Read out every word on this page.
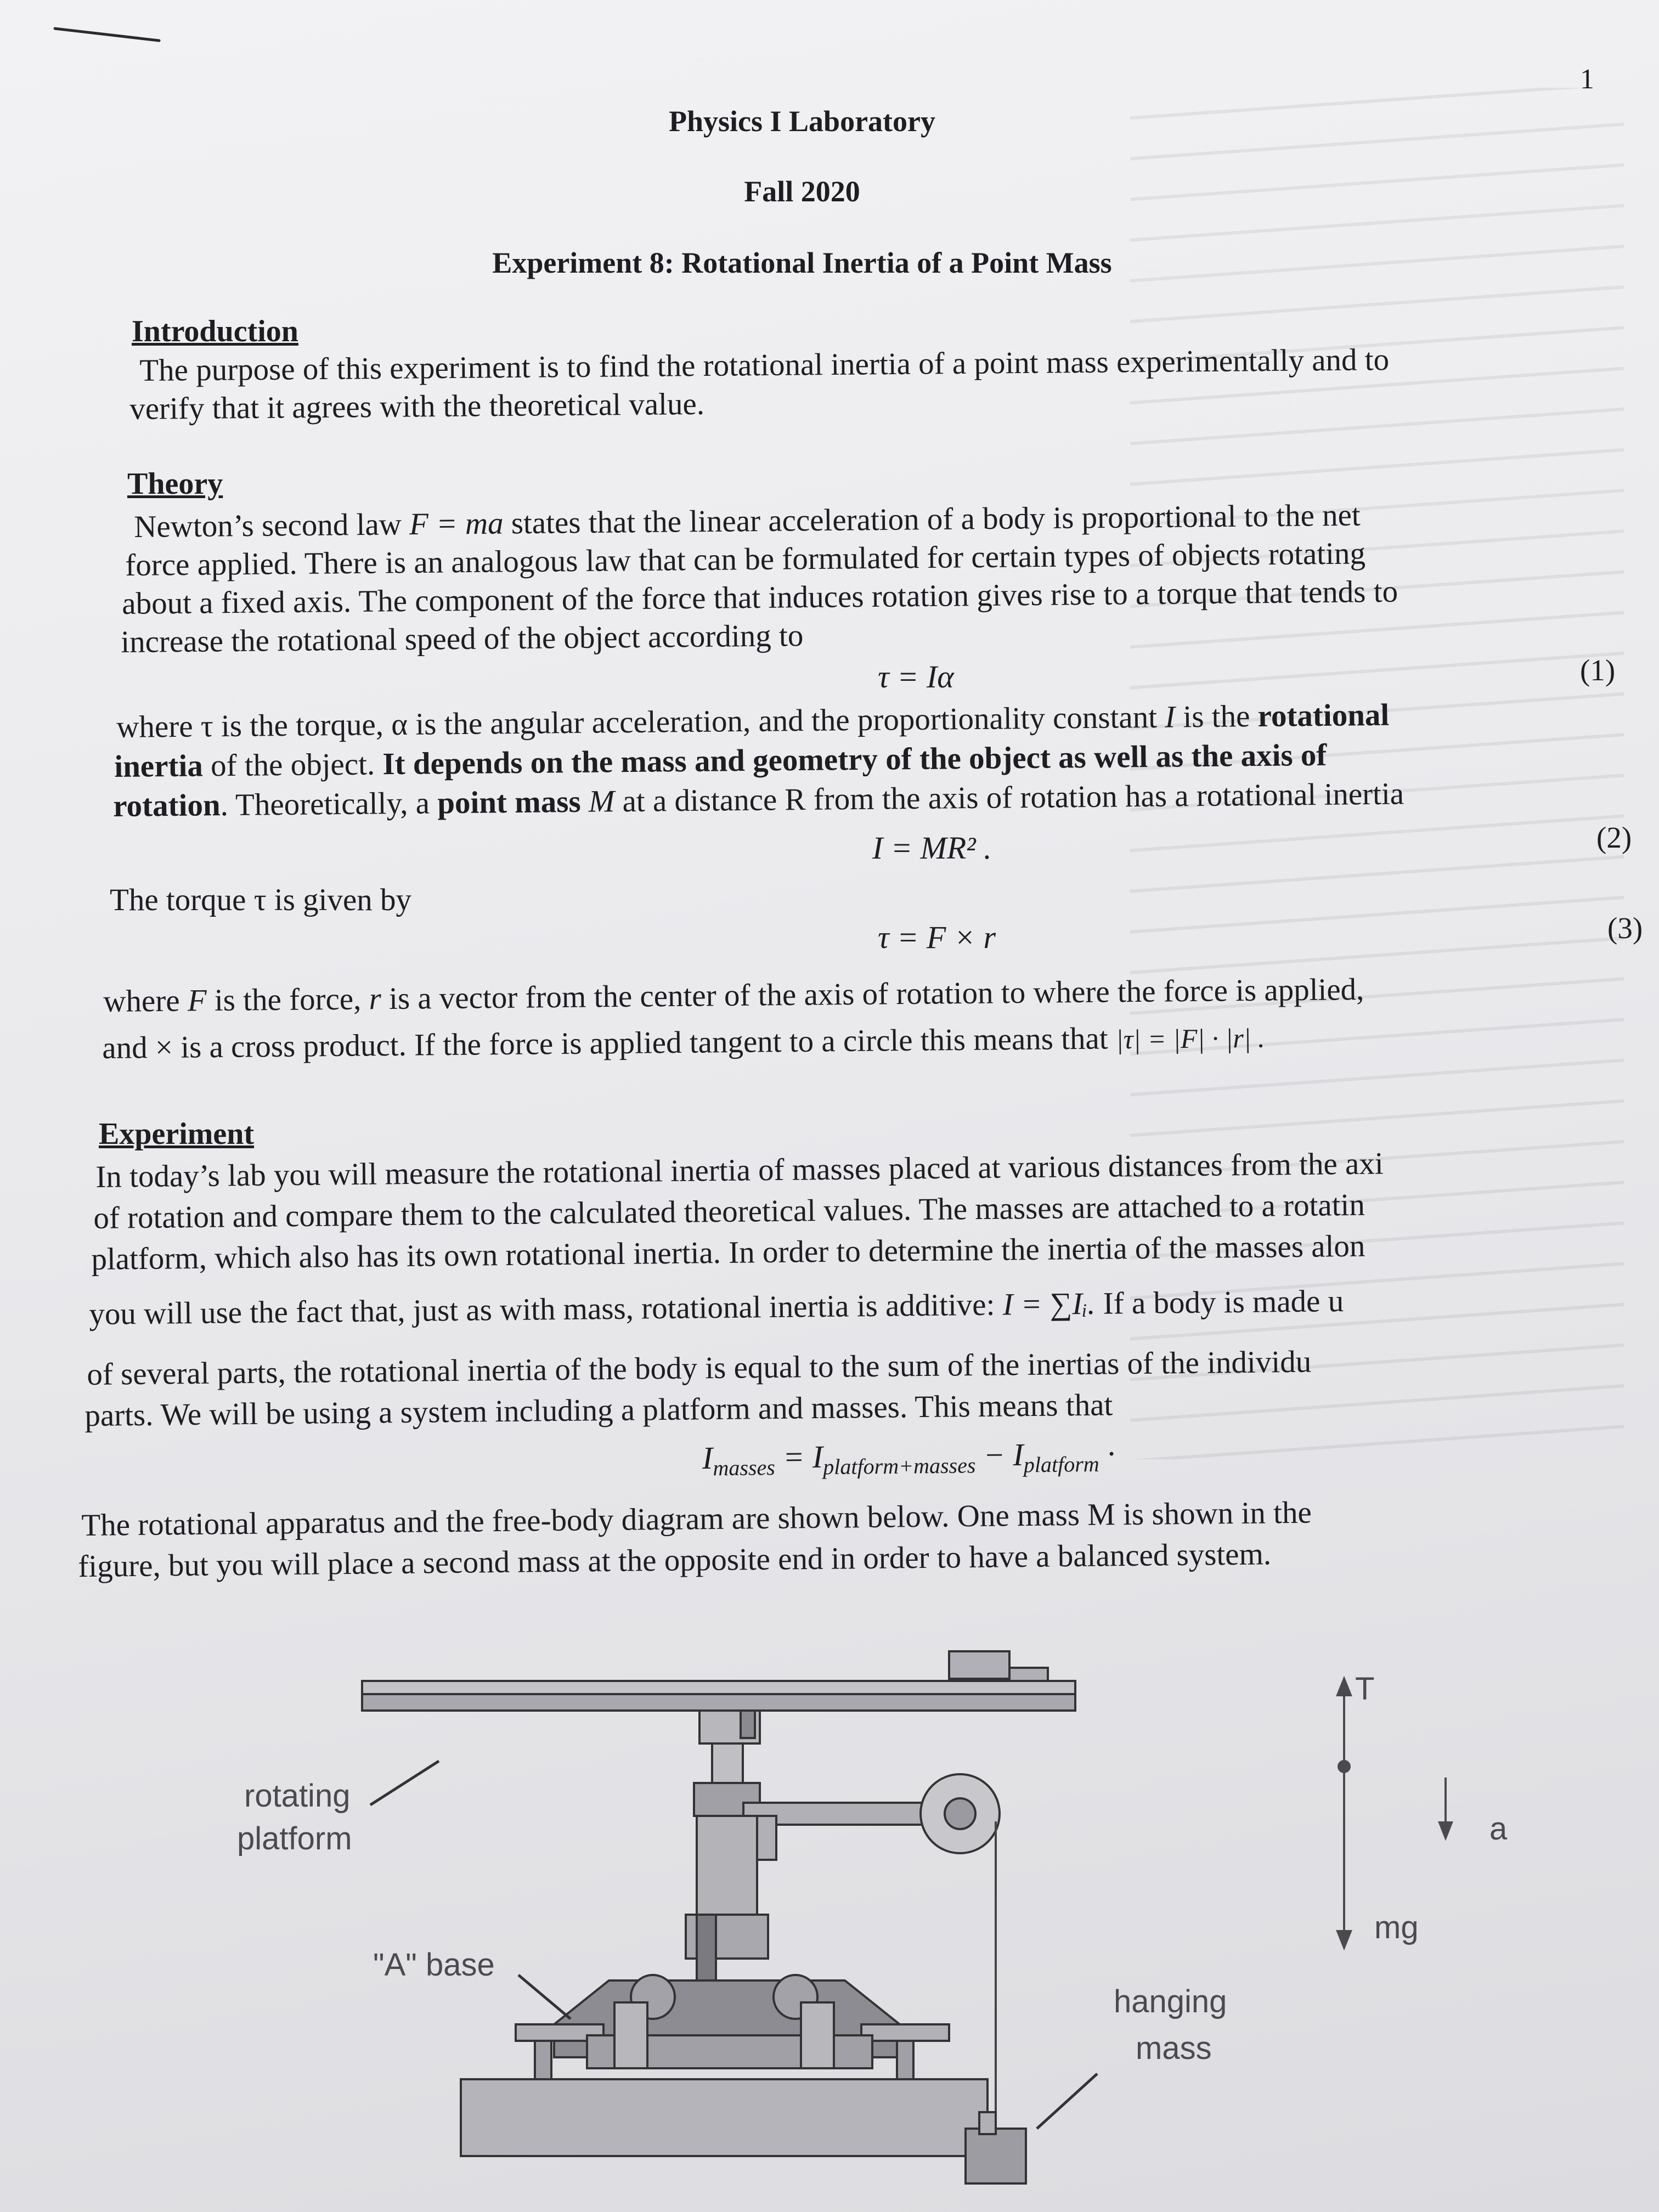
1
Physics I Laboratory
Fall 2020
Experiment 8: Rotational Inertia of a Point Mass
Introduction
The purpose of this experiment is to find the rotational inertia of a point mass experimentally and to
verify that it agrees with the theoretical value.
Theory
Newton’s second law F = ma states that the linear acceleration of a body is proportional to the net
force applied. There is an analogous law that can be formulated for certain types of objects rotating
about a fixed axis. The component of the force that induces rotation gives rise to a torque that tends to
increase the rotational speed of the object according to
τ = Iα	(1)
where τ is the torque, α is the angular acceleration, and the proportionality constant I is the rotational
inertia of the object. It depends on the mass and geometry of the object as well as the axis of
rotation. Theoretically, a point mass M at a distance R from the axis of rotation has a rotational inertia
I = MR² .	(2)
The torque τ is given by
τ = F × r	(3)
where F is the force, r is a vector from the center of the axis of rotation to where the force is applied,
and × is a cross product. If the force is applied tangent to a circle this means that |τ| = |F| · |r| .
Experiment
In today’s lab you will measure the rotational inertia of masses placed at various distances from the axi
of rotation and compare them to the calculated theoretical values. The masses are attached to a rotatin
platform, which also has its own rotational inertia. In order to determine the inertia of the masses alon
you will use the fact that, just as with mass, rotational inertia is additive: I = ∑Iᵢ. If a body is made u
of several parts, the rotational inertia of the body is equal to the sum of the inertias of the individu
parts. We will be using a system including a platform and masses. This means that
$I_{masses} = I_{platform+masses} - I_{platform}$ ·
The rotational apparatus and the free-body diagram are shown below. One mass M is shown in the
figure, but you will place a second mass at the opposite end in order to have a balanced system.
rotating
platform
"A" base
hanging
mass
T
a
mg
